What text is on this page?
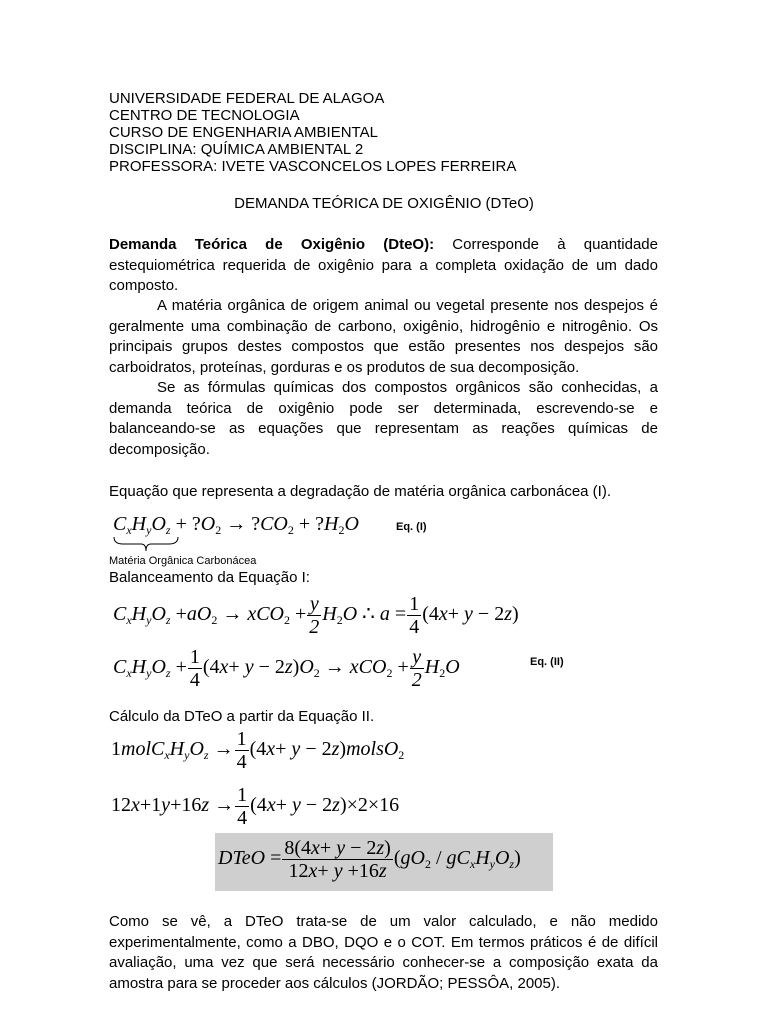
UNIVERSIDADE FEDERAL DE ALAGOA
CENTRO DE TECNOLOGIA
CURSO DE ENGENHARIA AMBIENTAL
DISCIPLINA: QUÍMICA AMBIENTAL 2
PROFESSORA: IVETE VASCONCELOS LOPES FERREIRA
DEMANDA TEÓRICA DE OXIGÊNIO (DTeO)
Demanda Teórica de Oxigênio (DteO): Corresponde à quantidade estequiométrica requerida de oxigênio para a completa oxidação de um dado composto.
A matéria orgânica de origem animal ou vegetal presente nos despejos é geralmente uma combinação de carbono, oxigênio, hidrogênio e nitrogênio. Os principais grupos destes compostos que estão presentes nos despejos são carboidratos, proteínas, gorduras e os produtos de sua decomposição.
Se as fórmulas químicas dos compostos orgânicos são conhecidas, a demanda teórica de oxigênio pode ser determinada, escrevendo-se e balanceando-se as equações que representam as reações químicas de decomposição.
Equação que representa a degradação de matéria orgânica carbonácea (I).
$C_xH_yO_z$ + $?O_2$ → $?CO_2$ + $?H_2O$	Eq. (I)
Matéria Orgânica Carbonácea
Balanceamento da Equação I:
$C_xH_yO_z +aO_2 \to xCO_2 + \frac{y}{2} H_2O$ ∴ $a = \frac{1}{4} (4x+ y - 2z)$
$C_xH_yO_z + \frac{1}{4} (4x+ y - 2z)O_2 \to xCO_2 + \frac{y}{2} H_2O$	Eq. (II)
Cálculo da DTeO a partir da Equação II.
$1molC_xH_yO_z \to \frac{1}{4} (4x+ y$ − 2z)molsO$_2$
$12x+1y+16z \to \frac{1}{4} (4x+ y - 2z)\times 2\times 16$
DTeO = $\frac{8(4x+ y - 2z)}{12x+ y +16z} (gO_2 / gC_xH_yO_z)$
Como se vê, a DTeO trata-se de um valor calculado, e não medido experimentalmente, como a DBO, DQO e o COT. Em termos práticos é de difícil avaliação, uma vez que será necessário conhecer-se a composição exata da amostra para se proceder aos cálculos (JORDÃO; PESSÔA, 2005).
